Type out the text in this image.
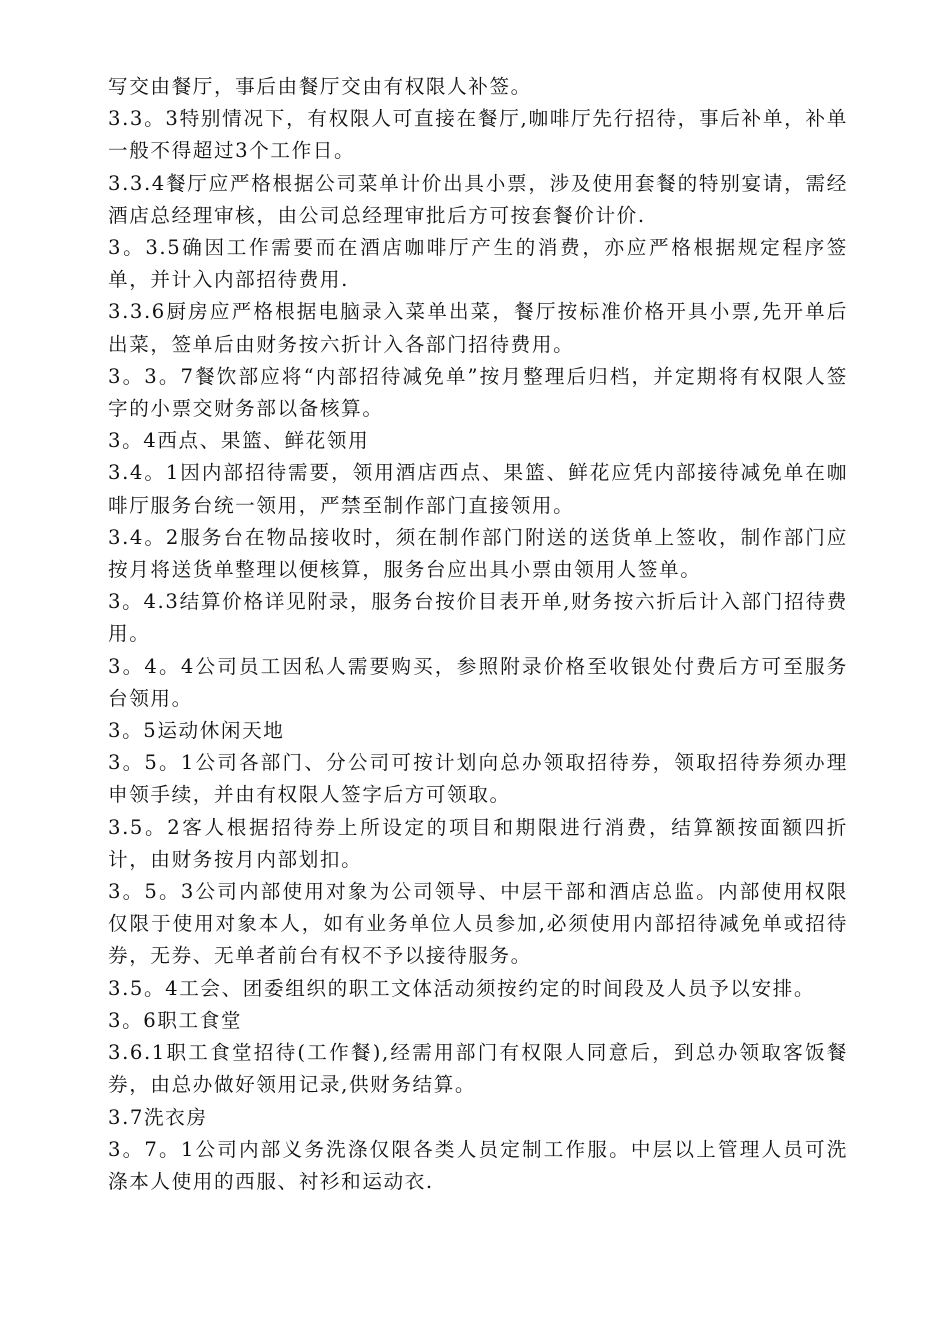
写交由餐厅，事后由餐厅交由有权限人补签。

3.3。3特别情况下，有权限人可直接在餐厅,咖啡厅先行招待，事后补单，补单一般不得超过3个工作日。

3.3.4餐厅应严格根据公司菜单计价出具小票，涉及使用套餐的特别宴请，需经酒店总经理审核，由公司总经理审批后方可按套餐价计价.

3。3.5确因工作需要而在酒店咖啡厅产生的消费，亦应严格根据规定程序签单，并计入内部招待费用.

3.3.6厨房应严格根据电脑录入菜单出菜，餐厅按标准价格开具小票,先开单后出菜，签单后由财务按六折计入各部门招待费用。

3。3。7餐饮部应将“内部招待减免单”按月整理后归档，并定期将有权限人签字的小票交财务部以备核算。

3。4西点、果篮、鲜花领用

3.4。1因内部招待需要，领用酒店西点、果篮、鲜花应凭内部接待减免单在咖啡厅服务台统一领用，严禁至制作部门直接领用。

3.4。2服务台在物品接收时，须在制作部门附送的送货单上签收，制作部门应按月将送货单整理以便核算，服务台应出具小票由领用人签单。

3。4.3结算价格详见附录，服务台按价目表开单,财务按六折后计入部门招待费用。

3。4。4公司员工因私人需要购买，参照附录价格至收银处付费后方可至服务台领用。

3。5运动休闲天地

3。5。1公司各部门、分公司可按计划向总办领取招待券，领取招待券须办理申领手续，并由有权限人签字后方可领取。

3.5。2客人根据招待券上所设定的项目和期限进行消费，结算额按面额四折计，由财务按月内部划扣。

3。5。3公司内部使用对象为公司领导、中层干部和酒店总监。内部使用权限仅限于使用对象本人，如有业务单位人员参加,必须使用内部招待减免单或招待券，无券、无单者前台有权不予以接待服务。

3.5。4工会、团委组织的职工文体活动须按约定的时间段及人员予以安排。

3。6职工食堂

3.6.1职工食堂招待(工作餐),经需用部门有权限人同意后，到总办领取客饭餐券，由总办做好领用记录,供财务结算。

3.7洗衣房

3。7。1公司内部义务洗涤仅限各类人员定制工作服。中层以上管理人员可洗涤本人使用的西服、衬衫和运动衣.
